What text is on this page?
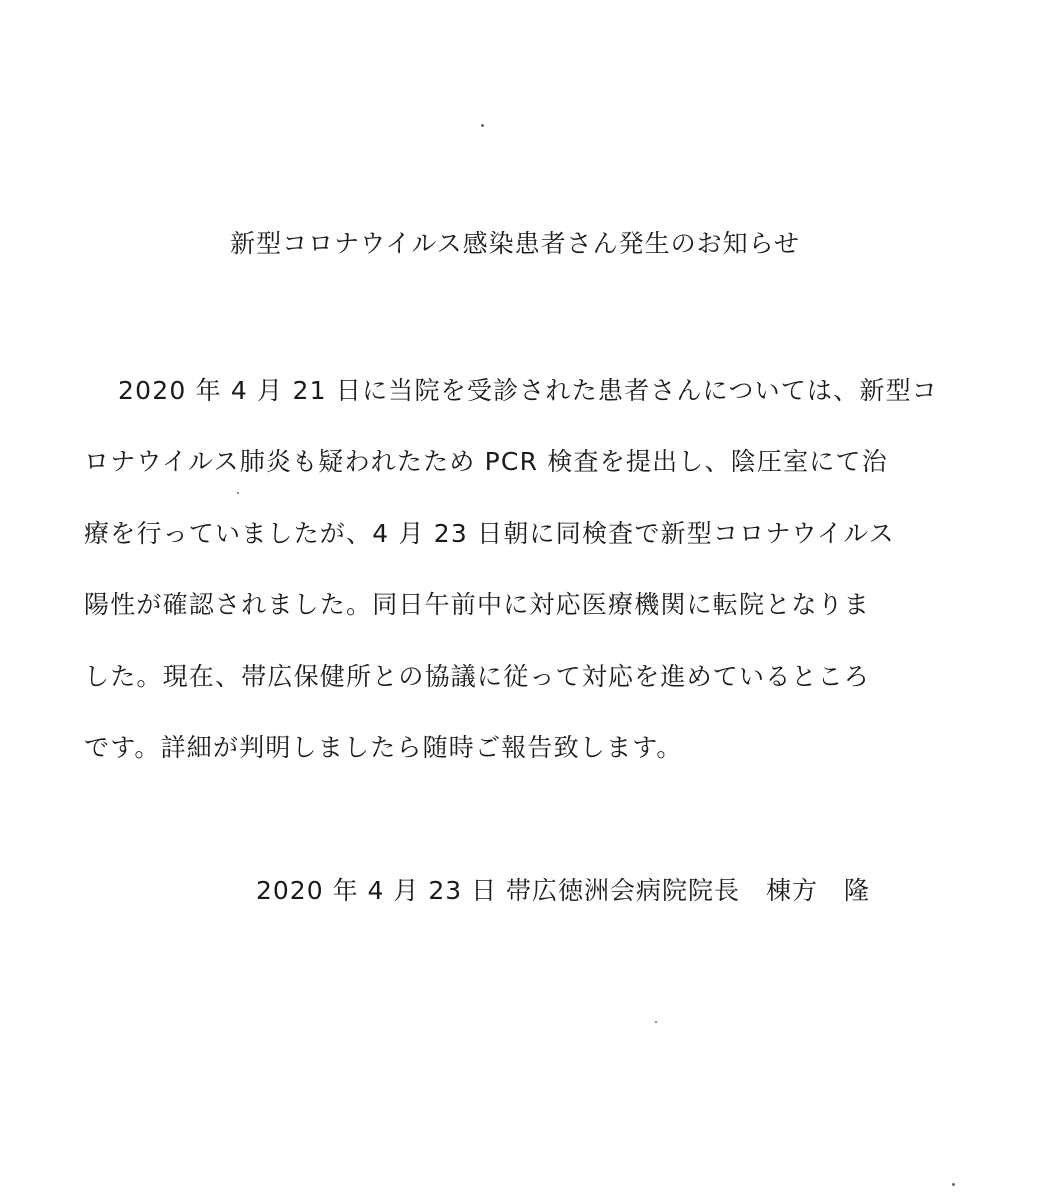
新型コロナウイルス感染患者さん発生のお知らせ
2020 年 4 月 21 日に当院を受診された患者さんについては、新型コ
ロナウイルス肺炎も疑われたため PCR 検査を提出し、陰圧室にて治
療を行っていましたが、4 月 23 日朝に同検査で新型コロナウイルス
陽性が確認されました。同日午前中に対応医療機関に転院となりま
した。現在、帯広保健所との協議に従って対応を進めているところ
です。詳細が判明しましたら随時ご報告致します。
2020 年 4 月 23 日 帯広徳洲会病院院長　棟方　隆
